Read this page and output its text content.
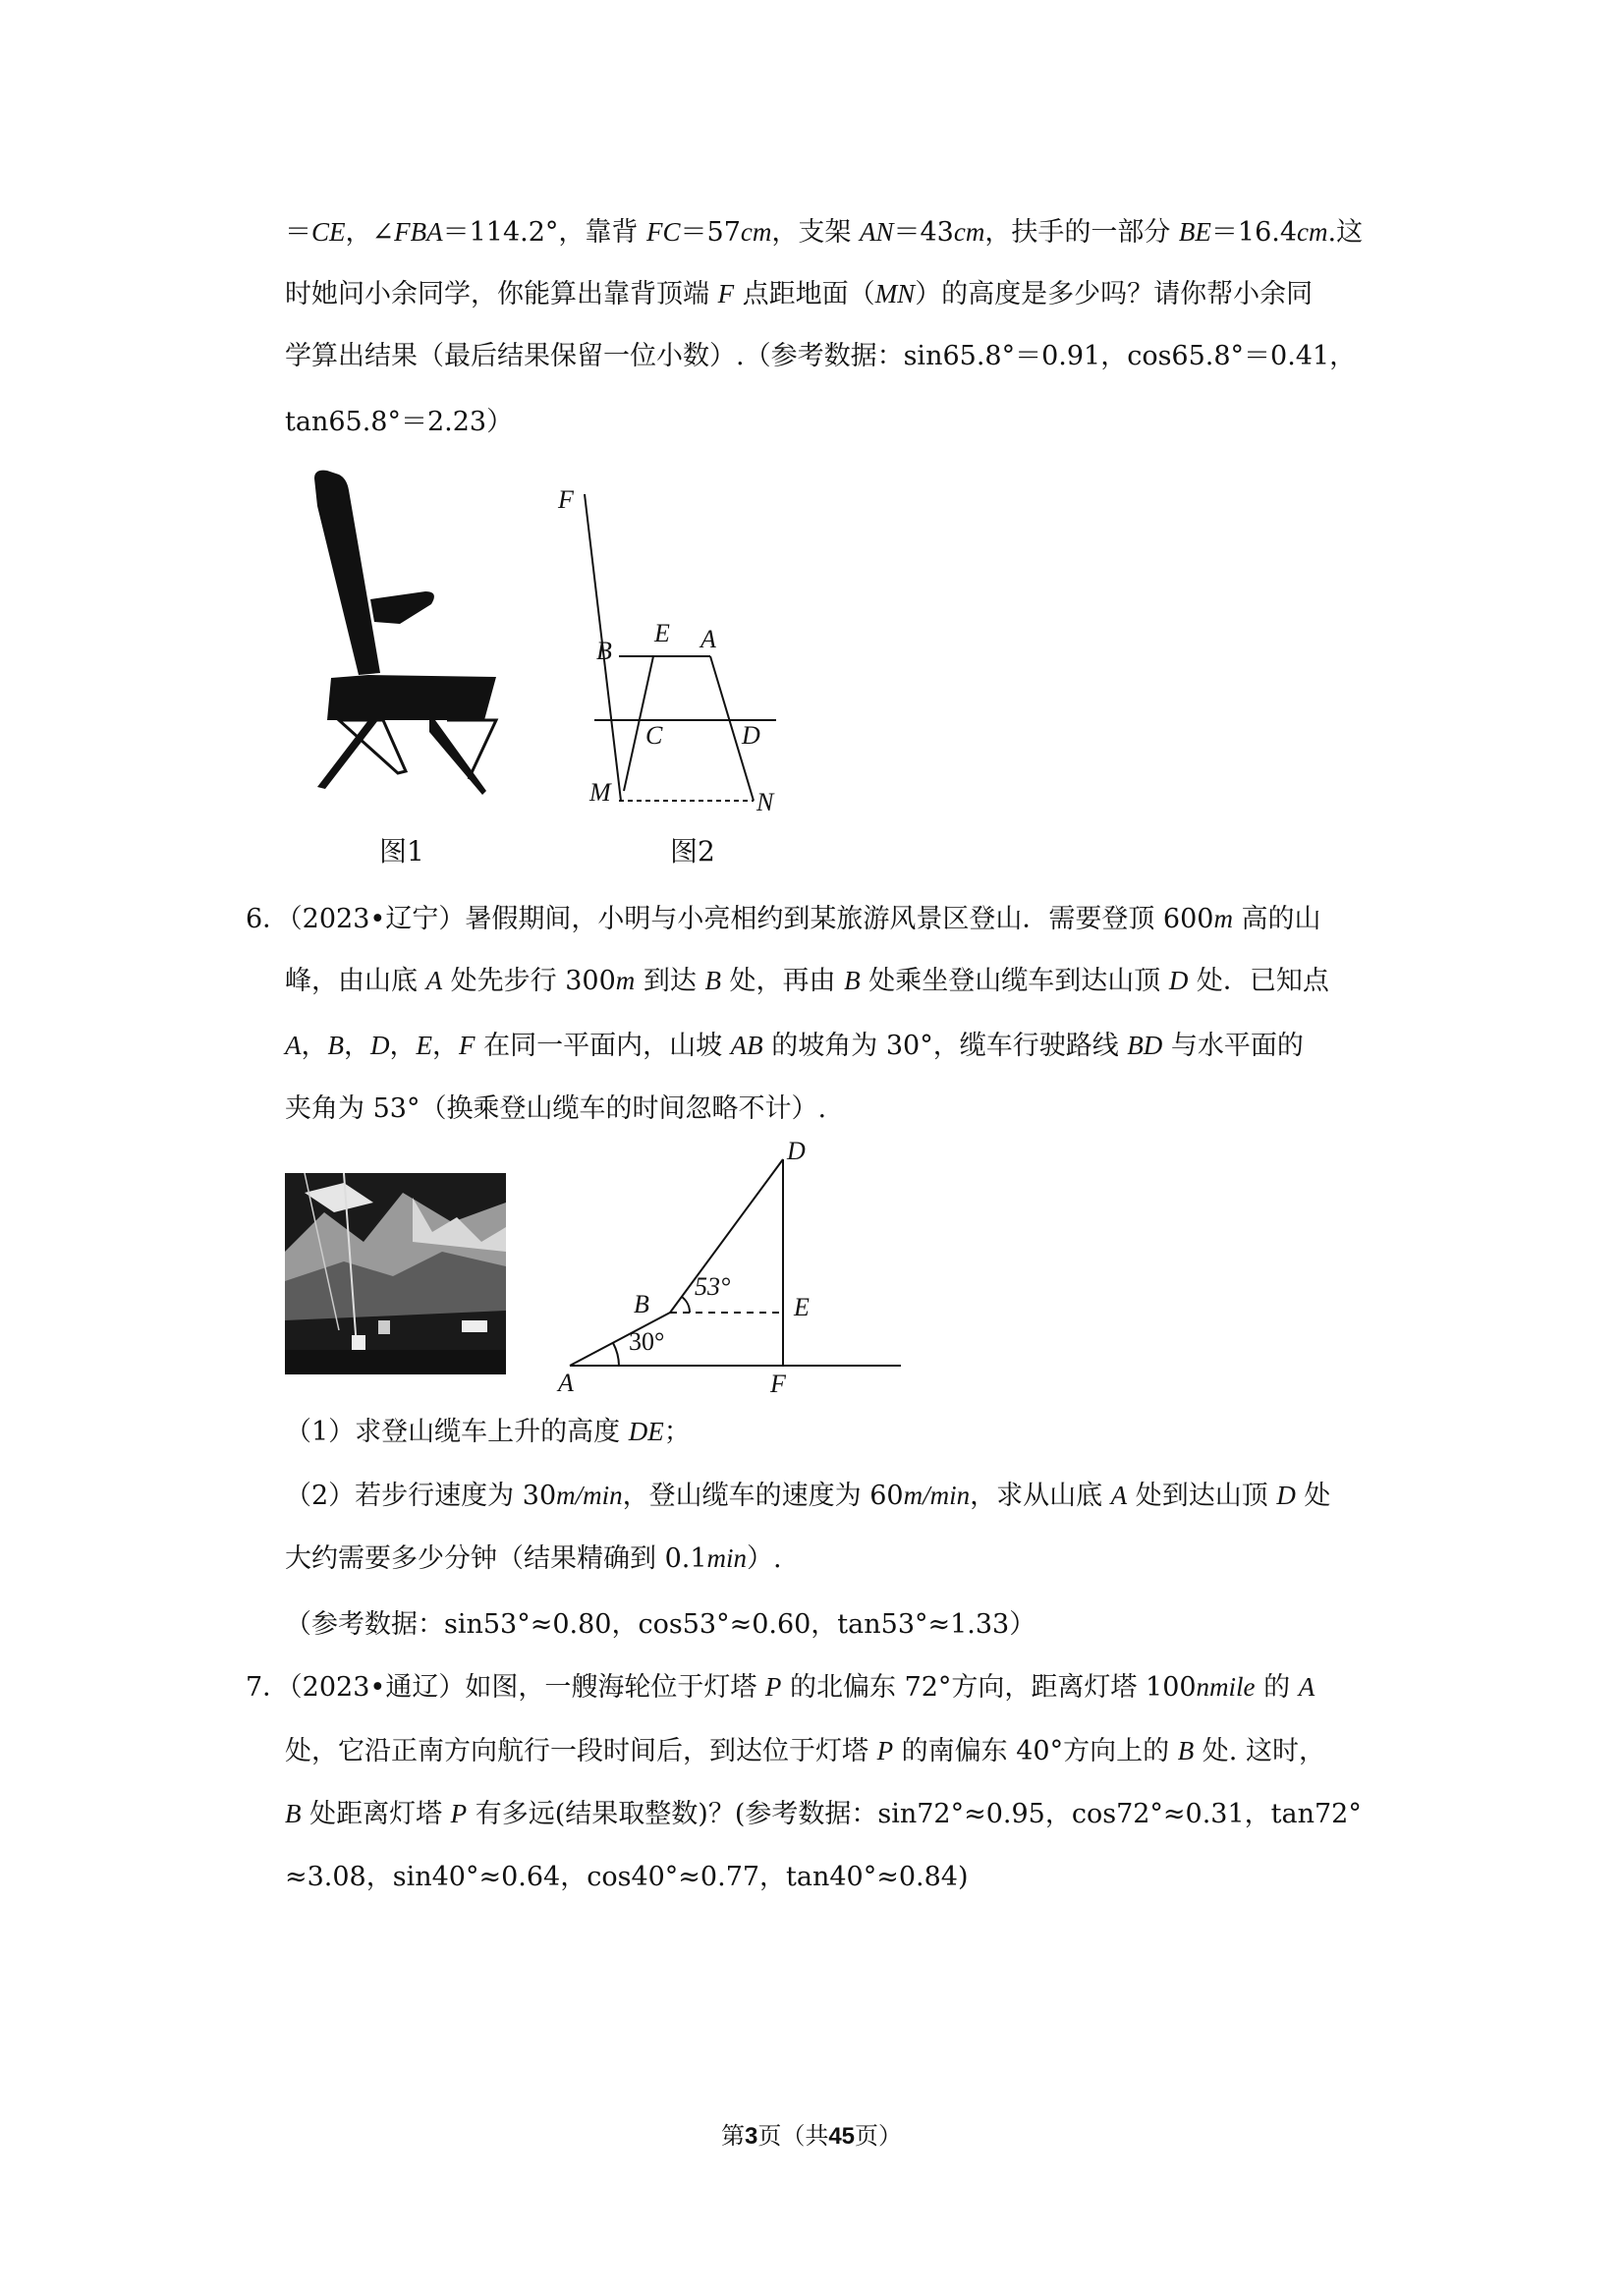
＝CE，∠FBA＝114.2°，靠背 FC＝57cm，支架 AN＝43cm，扶手的一部分 BE＝16.4cm.这
时她问小余同学，你能算出靠背顶端 F 点距地面（MN）的高度是多少吗？请你帮小余同
学算出结果（最后结果保留一位小数）.（参考数据：sin65.8°＝0.91，cos65.8°＝0.41，
tan65.8°＝2.23）
图1
F
E A
B
C	D
M	N
图2
6．（2023•辽宁）暑假期间，小明与小亮相约到某旅游风景区登山．需要登顶 600m 高的山
峰，由山底 A 处先步行 300m 到达 B 处，再由 B 处乘坐登山缆车到达山顶 D 处．已知点
A，B，D，E，F 在同一平面内，山坡 AB 的坡角为 30°，缆车行驶路线 BD 与水平面的
夹角为 53°（换乘登山缆车的时间忽略不计）.
D
B	E
A	F
53°
30°
（1）求登山缆车上升的高度 DE；
（2）若步行速度为 30m/min，登山缆车的速度为 60m/min，求从山底 A 处到达山顶 D 处
大约需要多少分钟（结果精确到 0.1min）.
（参考数据：sin53°≈0.80，cos53°≈0.60，tan53°≈1.33）
7．（2023•通辽）如图，一艘海轮位于灯塔 P 的北偏东 72°方向，距离灯塔 100nmile 的 A
处，它沿正南方向航行一段时间后，到达位于灯塔 P 的南偏东 40°方向上的 B 处. 这时，
B 处距离灯塔 P 有多远(结果取整数)？(参考数据：sin72°≈0.95，cos72°≈0.31，tan72°
≈3.08，sin40°≈0.64，cos40°≈0.77，tan40°≈0.84)
第3页（共45页）
